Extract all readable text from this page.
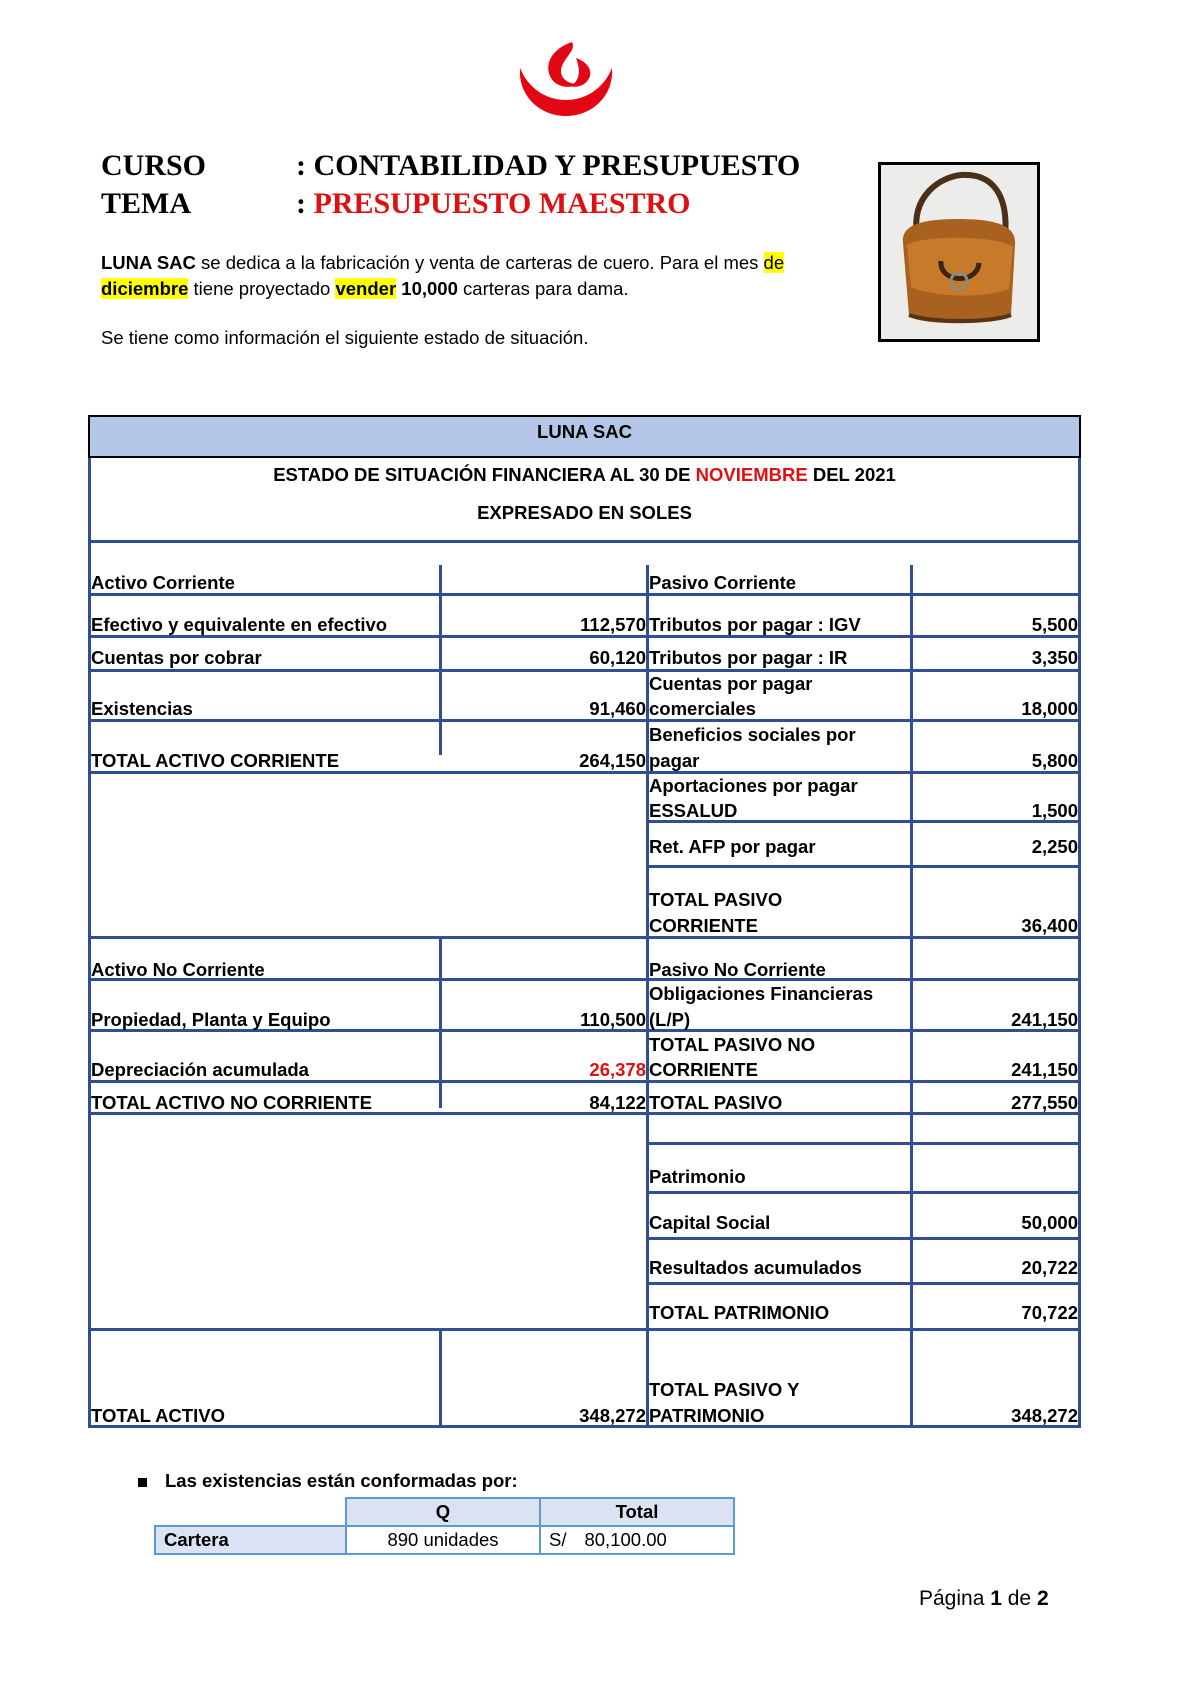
CURSO	: CONTABILIDAD Y PRESUPUESTO
TEMA	: PRESUPUESTO MAESTRO
LUNA SAC se dedica a la fabricación y venta de carteras de cuero. Para el mes de
diciembre tiene proyectado vender 10,000 carteras para dama.
Se tiene como información el siguiente estado de situación.
LUNA SAC
ESTADO DE SITUACIÓN FINANCIERA AL 30 DE NOVIEMBRE DEL 2021
EXPRESADO EN SOLES
Activo Corriente
Efectivo y equivalente en efectivo	112,570
Cuentas por cobrar	60,120
Existencias	91,460
TOTAL ACTIVO CORRIENTE	264,150
Activo No Corriente
Propiedad, Planta y Equipo	110,500
Depreciación acumulada	26,378
TOTAL ACTIVO NO CORRIENTE	84,122
TOTAL ACTIVO	348,272
Pasivo Corriente
Tributos por pagar : IGV	5,500
Tributos por pagar : IR	3,350
Cuentas por pagar
comerciales	18,000
Beneficios sociales por
pagar	5,800
Aportaciones por pagar
ESSALUD	1,500
Ret. AFP por pagar	2,250
TOTAL PASIVO
CORRIENTE	36,400
Pasivo No Corriente
Obligaciones Financieras
(L/P)	241,150
TOTAL PASIVO NO
CORRIENTE	241,150
TOTAL PASIVO	277,550
Patrimonio
Capital Social	50,000
Resultados acumulados	20,722
TOTAL PATRIMONIO	70,722
TOTAL PASIVO Y
PATRIMONIO	348,272
Las existencias están conformadas por:
	Q	Total
Cartera	890 unidades	S/ 80,100.00
Página 1 de 2
